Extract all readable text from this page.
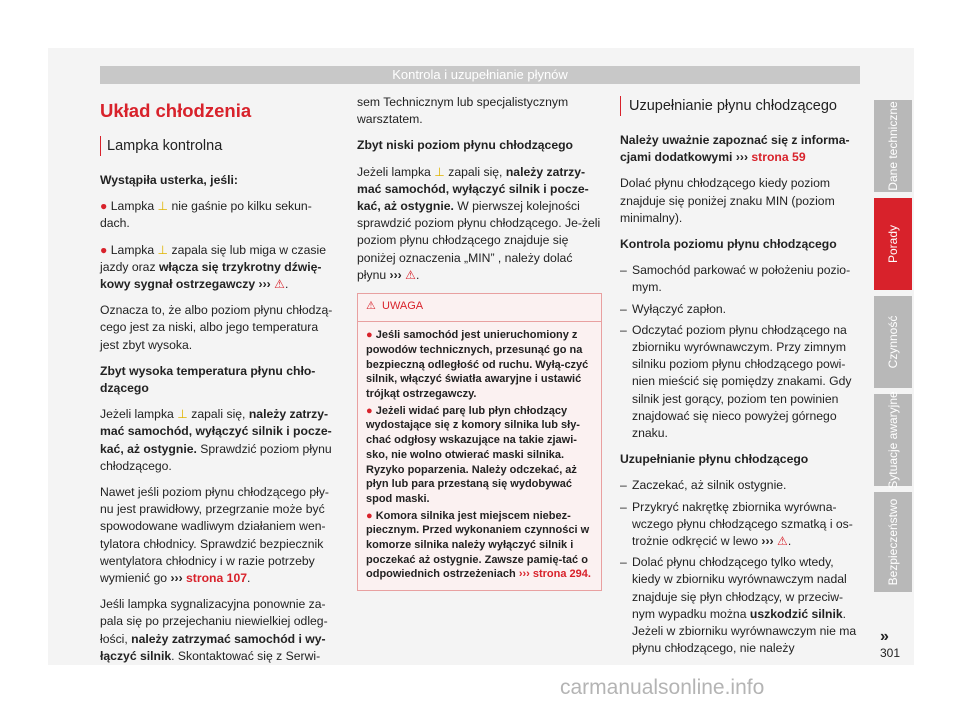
Kontrola i uzupełnianie płynów
Układ chłodzenia
Lampka kontrolna

Wystąpiła usterka, jeśli:

● Lampka ⊥ nie gaśnie po kilku sekun-dach.

● Lampka ⊥ zapala się lub miga w czasie jazdy oraz włącza się trzykrotny dźwię-kowy sygnał ostrzegawczy ››› ⚠.

Oznacza to, że albo poziom płynu chłodzą-cego jest za niski, albo jego temperatura jest zbyt wysoka.

Zbyt wysoka temperatura płynu chło-dzącego

Jeżeli lampka ⊥ zapali się, należy zatrzy-mać samochód, wyłączyć silnik i pocze-kać, aż ostygnie. Sprawdzić poziom płynu chłodzącego.

Nawet jeśli poziom płynu chłodzącego pły-nu jest prawidłowy, przegrzanie może być spowodowane wadliwym działaniem wen-tylatora chłodnicy. Sprawdzić bezpiecznik wentylatora chłodnicy i w razie potrzeby wymienić go ››› strona 107.

Jeśli lampka sygnalizacyjna ponownie za-pala się po przejechaniu niewielkiej odleg-łości, należy zatrzymać samochód i wy-łączyć silnik. Skontaktować się z Serwi-

sem Technicznym lub specjalistycznym warsztatem.

Zbyt niski poziom płynu chłodzącego

Jeżeli lampka ⊥ zapali się, należy zatrzy-mać samochód, wyłączyć silnik i pocze-kać, aż ostygnie. W pierwszej kolejności sprawdzić poziom płynu chłodzącego. Je-żeli poziom płynu chłodzącego znajduje się poniżej oznaczenia „MIN” , należy dolać płynu ››› ⚠.

⚠ UWAGA

● Jeśli samochód jest unieruchomiony z powodów technicznych, przesunąć go na bezpieczną odległość od ruchu. Wyłą-czyć silnik, włączyć światła awaryjne i ustawić trójkąt ostrzegawczy.

● Jeżeli widać parę lub płyn chłodzący wydostające się z komory silnika lub sły-chać odgłosy wskazujące na takie zjawi-sko, nie wolno otwierać maski silnika. Ryzyko poparzenia. Należy odczekać, aż płyn lub para przestaną się wydobywać spod maski.

● Komora silnika jest miejscem niebez-piecznym. Przed wykonaniem czynności w komorze silnika należy wyłączyć silnik i poczekać aż ostygnie. Zawsze pamię-tać o odpowiednich ostrzeżeniach ››› strona 294.

Uzupełnianie płynu chłodzącego

Należy uważnie zapoznać się z informa-cjami dodatkowymi ››› strona 59

Dolać płynu chłodzącego kiedy poziom znajduje się poniżej znaku MIN (poziom minimalny).

Kontrola poziomu płynu chłodzącego

– Samochód parkować w położeniu pozio-mym.
– Wyłączyć zapłon.
– Odczytać poziom płynu chłodzącego na zbiorniku wyrównawczym. Przy zimnym silniku poziom płynu chłodzącego powi-nien mieścić się pomiędzy znakami. Gdy silnik jest gorący, poziom ten powinien znajdować się nieco powyżej górnego znaku.

Uzupełnianie płynu chłodzącego

– Zaczekać, aż silnik ostygnie.
– Przykryć nakrętkę zbiornika wyrówna-wczego płynu chłodzącego szmatką i os-trożnie odkręcić w lewo ››› ⚠.
– Dolać płynu chłodzącego tylko wtedy, kiedy w zbiorniku wyrównawczym nadal znajduje się płyn chłodzący, w przeciw-nym wypadku można uszkodzić silnik. Jeżeli w zbiorniku wyrównawczym nie ma płynu chłodzącego, nie należy
Dane techniczne
Porady
Czynność
Sytuacje awaryjne
Bezpieczeństwo
»
301
carmanualsonline.info
